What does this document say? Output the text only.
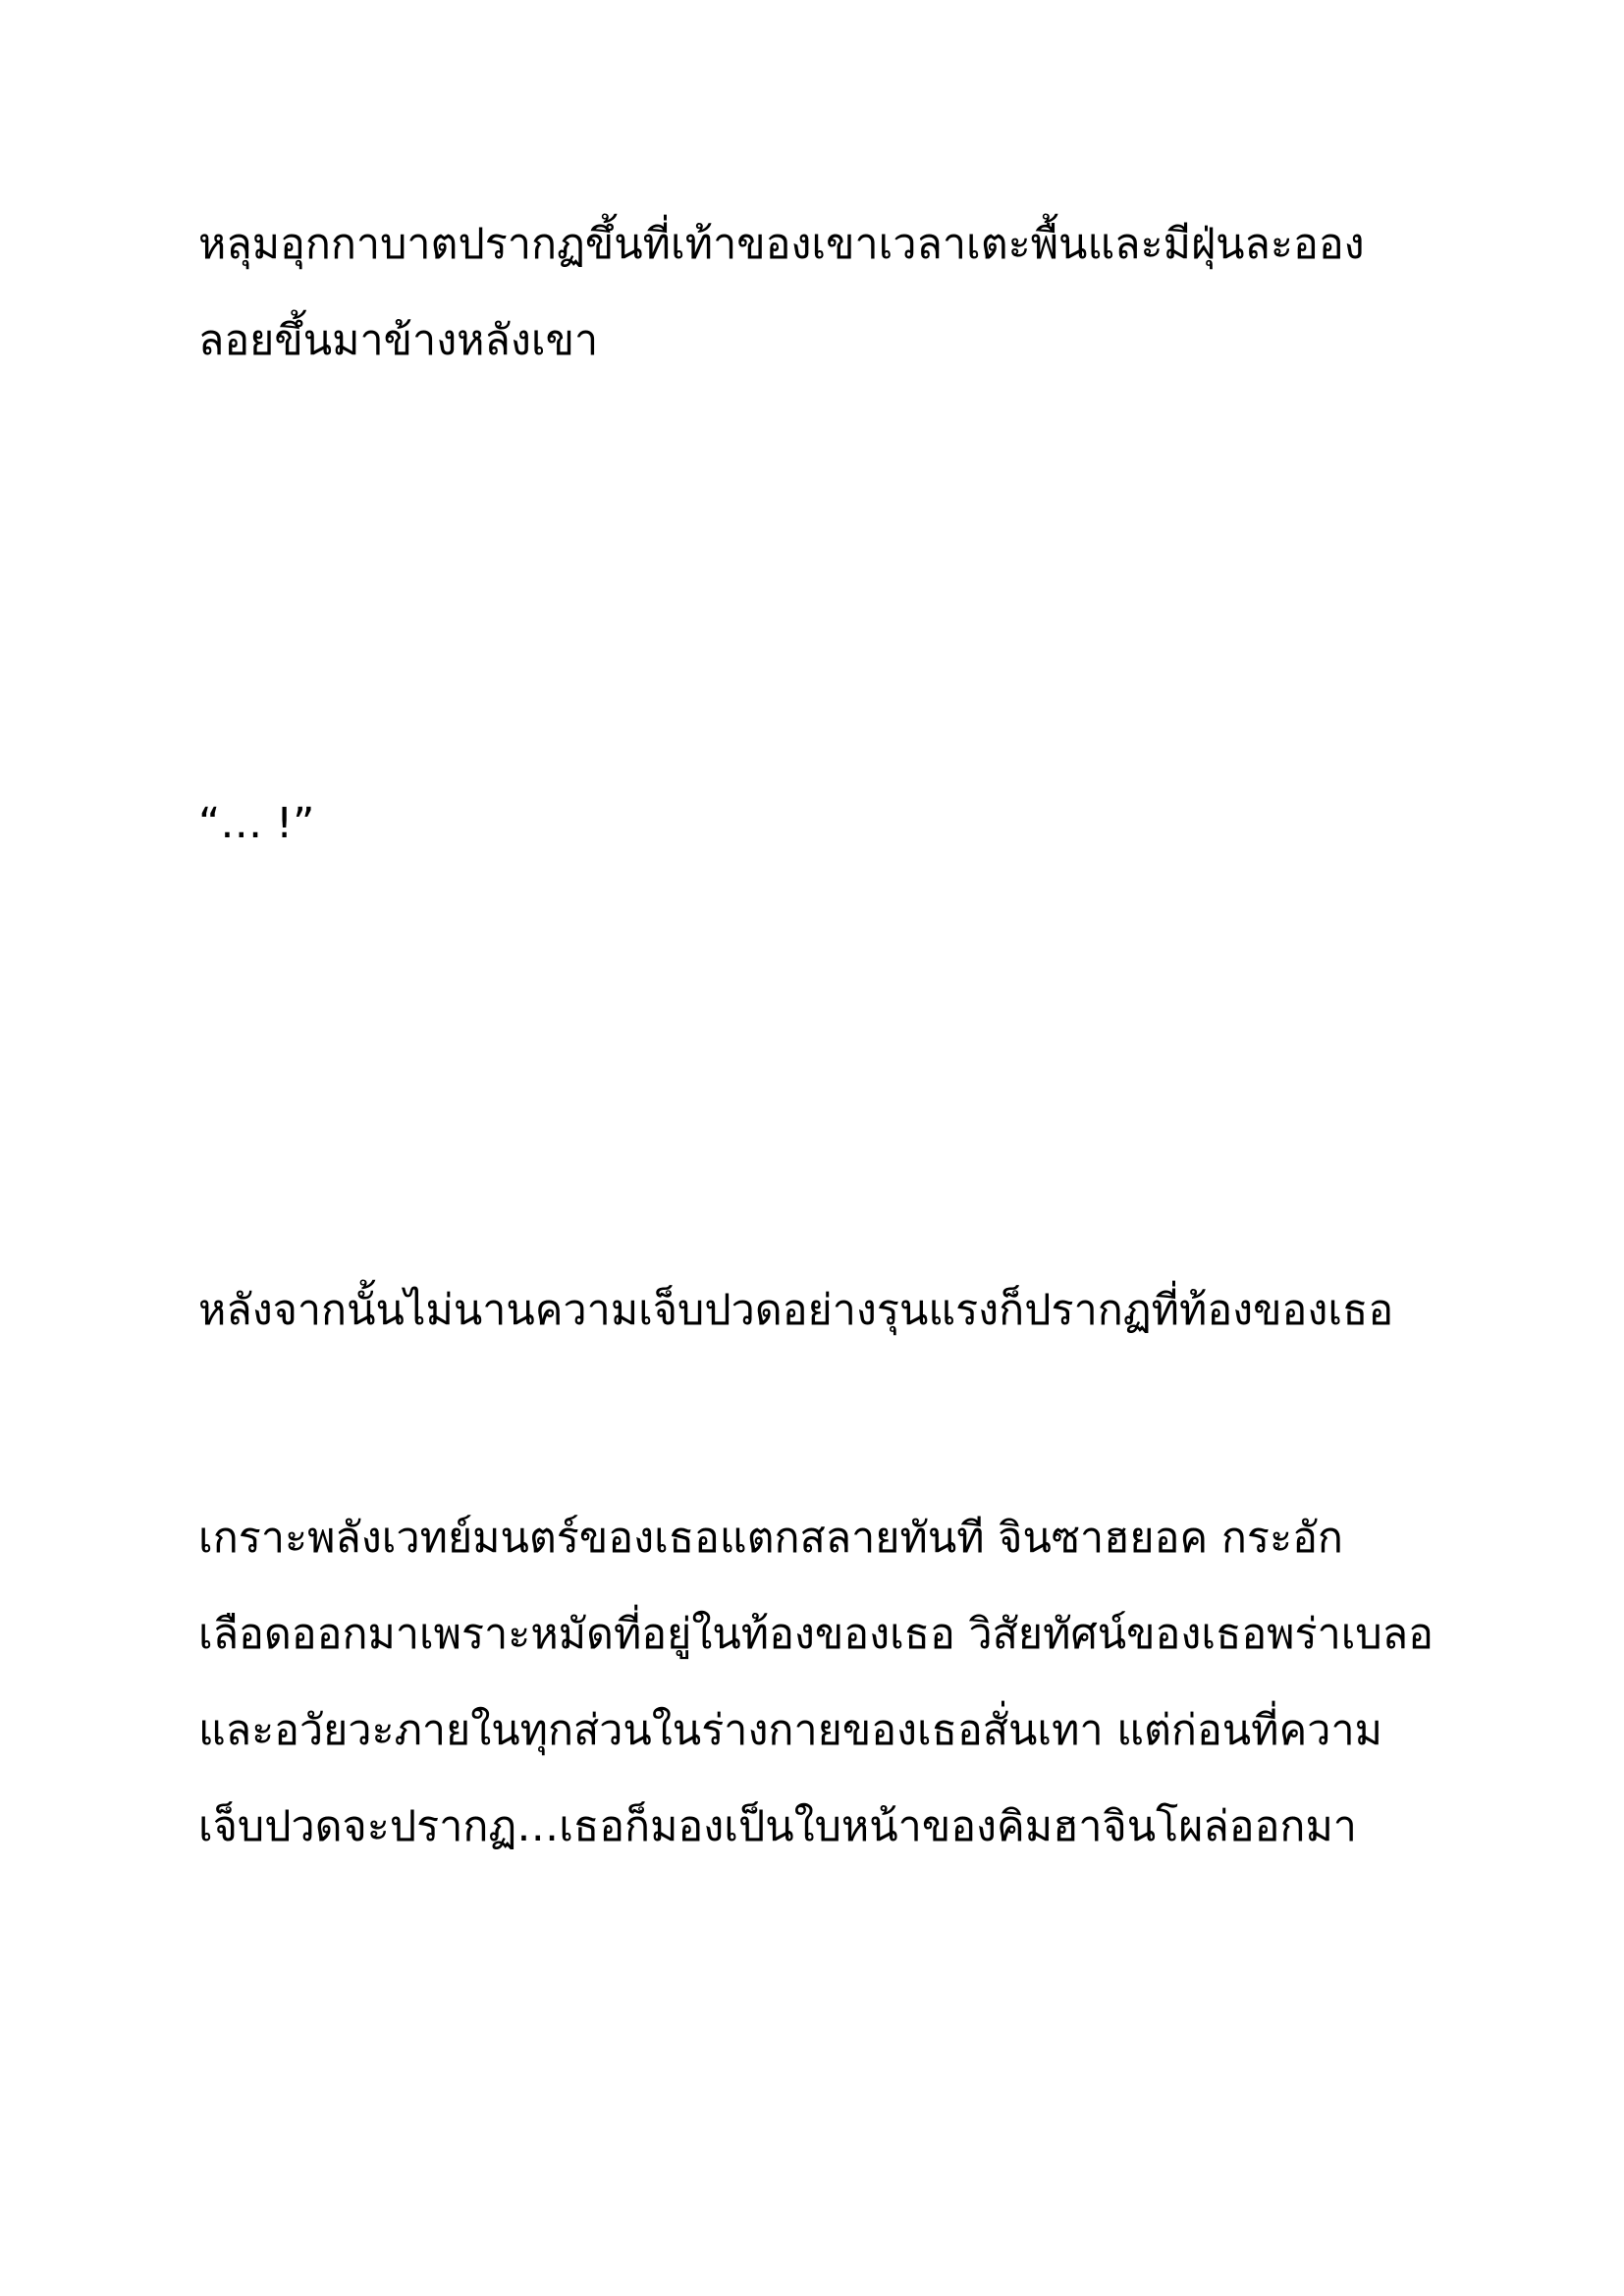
หลุมอุกกาบาตปรากฏขึ้นที่เท้าของเขาเวลาเตะพื้นและมีฝุ่นละออง
ลอยขึ้นมาข้างหลังเขา

“… !”

หลังจากนั้นไม่นานความเจ็บปวดอย่างรุนแรงก็ปรากฏที่ท้องของเธอ

เกราะพลังเวทย์มนตร์ของเธอแตกสลายทันที จินซาฮยอค กระอัก
เลือดออกมาเพราะหมัดที่อยู่ในท้องของเธอ วิสัยทัศน์ของเธอพร่าเบลอ
และอวัยวะภายในทุกส่วนในร่างกายของเธอสั่นเทา แต่ก่อนที่ความ
เจ็บปวดจะปรากฏ…เธอก็มองเป็นใบหน้าของคิมฮาจินโผล่ออกมา
